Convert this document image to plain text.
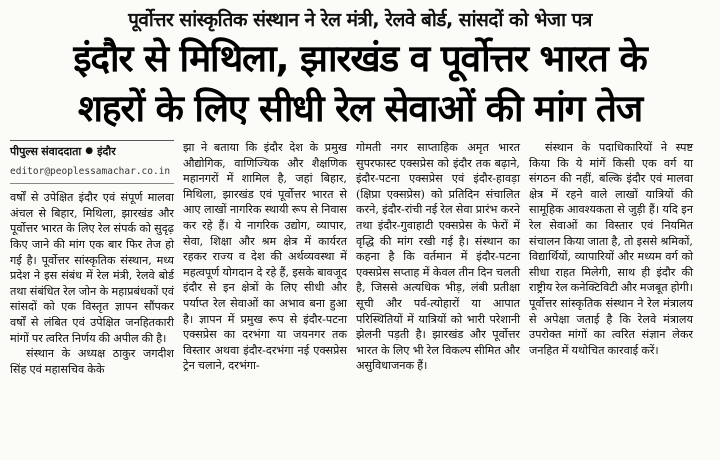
पूर्वोत्तर सांस्कृतिक संस्थान ने रेल मंत्री, रेलवे बोर्ड, सांसदों को भेजा पत्र
इंदौर से मिथिला, झारखंड व पूर्वोत्तर भारत के
शहरों के लिए सीधी रेल सेवाओं की मांग तेज
पीपुल्स संवाददाता ● इंदौर
editor@peoplessamachar.co.in

वर्षों से उपेक्षित इंदौर एवं संपूर्ण मालवा अंचल से बिहार, मिथिला, झारखंड और पूर्वोत्तर भारत के लिए रेल संपर्क को सुदृढ़ किए जाने की मांग एक बार फिर तेज हो गई है। पूर्वोत्तर सांस्कृतिक संस्थान, मध्य प्रदेश ने इस संबंध में रेल मंत्री, रेलवे बोर्ड तथा संबंधित रेल जोन के महाप्रबंधकों एवं सांसदों को एक विस्तृत ज्ञापन सौंपकर वर्षों से लंबित एवं उपेक्षित जनहितकारी मांगों पर त्वरित निर्णय की अपील की है।

संस्थान के अध्यक्ष ठाकुर जगदीश सिंह एवं महासचिव केके

झा ने बताया कि इंदौर देश के प्रमुख औद्योगिक, वाणिज्यिक और शैक्षणिक महानगरों में शामिल है, जहां बिहार, मिथिला, झारखंड एवं पूर्वोत्तर भारत से आए लाखों नागरिक स्थायी रूप से निवास कर रहे हैं। ये नागरिक उद्योग, व्यापार, सेवा, शिक्षा और श्रम क्षेत्र में कार्यरत रहकर राज्य व देश की अर्थव्यवस्था में महत्वपूर्ण योगदान दे रहे हैं, इसके बावजूद इंदौर से इन क्षेत्रों के लिए सीधी और पर्याप्त रेल सेवाओं का अभाव बना हुआ है। ज्ञापन में प्रमुख रूप से इंदौर-पटना एक्सप्रेस का दरभंगा या जयनगर तक विस्तार अथवा इंदौर-दरभंगा नई एक्सप्रेस ट्रेन चलाने, दरभंगा-

गोमती नगर साप्ताहिक अमृत भारत सुपरफास्ट एक्सप्रेस को इंदौर तक बढ़ाने, इंदौर-पटना एक्सप्रेस एवं इंदौर-हावड़ा (क्षिप्रा एक्सप्रेस) को प्रतिदिन संचालित करने, इंदौर-रांची नई रेल सेवा प्रारंभ करने तथा इंदौर-गुवाहाटी एक्सप्रेस के फेरों में वृद्धि की मांग रखी गई है। संस्थान का कहना है कि वर्तमान में इंदौर-पटना एक्सप्रेस सप्ताह में केवल तीन दिन चलती है, जिससे अत्यधिक भीड़, लंबी प्रतीक्षा सूची और पर्व-त्योहारों या आपात परिस्थितियों में यात्रियों को भारी परेशानी झेलनी पड़ती है। झारखंड और पूर्वोत्तर भारत के लिए भी रेल विकल्प सीमित और असुविधाजनक हैं।

संस्थान के पदाधिकारियों ने स्पष्ट किया कि ये मांगें किसी एक वर्ग या संगठन की नहीं, बल्कि इंदौर एवं मालवा क्षेत्र में रहने वाले लाखों यात्रियों की सामूहिक आवश्यकता से जुड़ी हैं। यदि इन रेल सेवाओं का विस्तार एवं नियमित संचालन किया जाता है, तो इससे श्रमिकों, विद्यार्थियों, व्यापारियों और मध्यम वर्ग को सीधा राहत मिलेगी, साथ ही इंदौर की राष्ट्रीय रेल कनेक्टिविटी और मजबूत होगी। पूर्वोत्तर सांस्कृतिक संस्थान ने रेल मंत्रालय से अपेक्षा जताई है कि रेलवे मंत्रालय उपरोक्त मांगों का त्वरित संज्ञान लेकर जनहित में यथोचित कारवाई करें।
